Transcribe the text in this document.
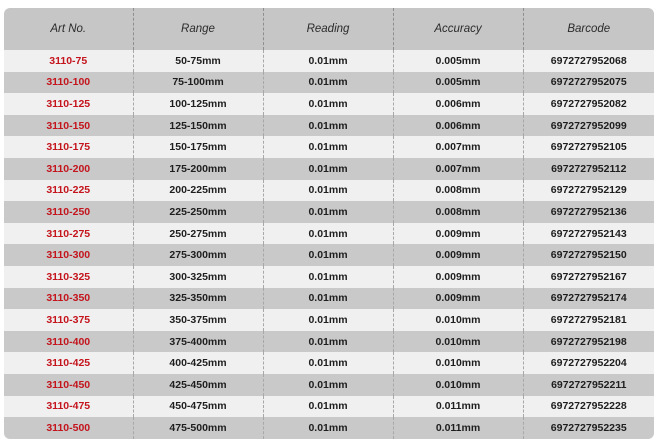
Art No.	Range	Reading	Accuracy	Barcode
3110-75	50-75mm	0.01mm	0.005mm	6972727952068
3110-100	75-100mm	0.01mm	0.005mm	6972727952075
3110-125	100-125mm	0.01mm	0.006mm	6972727952082
3110-150	125-150mm	0.01mm	0.006mm	6972727952099
3110-175	150-175mm	0.01mm	0.007mm	6972727952105
3110-200	175-200mm	0.01mm	0.007mm	6972727952112
3110-225	200-225mm	0.01mm	0.008mm	6972727952129
3110-250	225-250mm	0.01mm	0.008mm	6972727952136
3110-275	250-275mm	0.01mm	0.009mm	6972727952143
3110-300	275-300mm	0.01mm	0.009mm	6972727952150
3110-325	300-325mm	0.01mm	0.009mm	6972727952167
3110-350	325-350mm	0.01mm	0.009mm	6972727952174
3110-375	350-375mm	0.01mm	0.010mm	6972727952181
3110-400	375-400mm	0.01mm	0.010mm	6972727952198
3110-425	400-425mm	0.01mm	0.010mm	6972727952204
3110-450	425-450mm	0.01mm	0.010mm	6972727952211
3110-475	450-475mm	0.01mm	0.011mm	6972727952228
3110-500	475-500mm	0.01mm	0.011mm	6972727952235
